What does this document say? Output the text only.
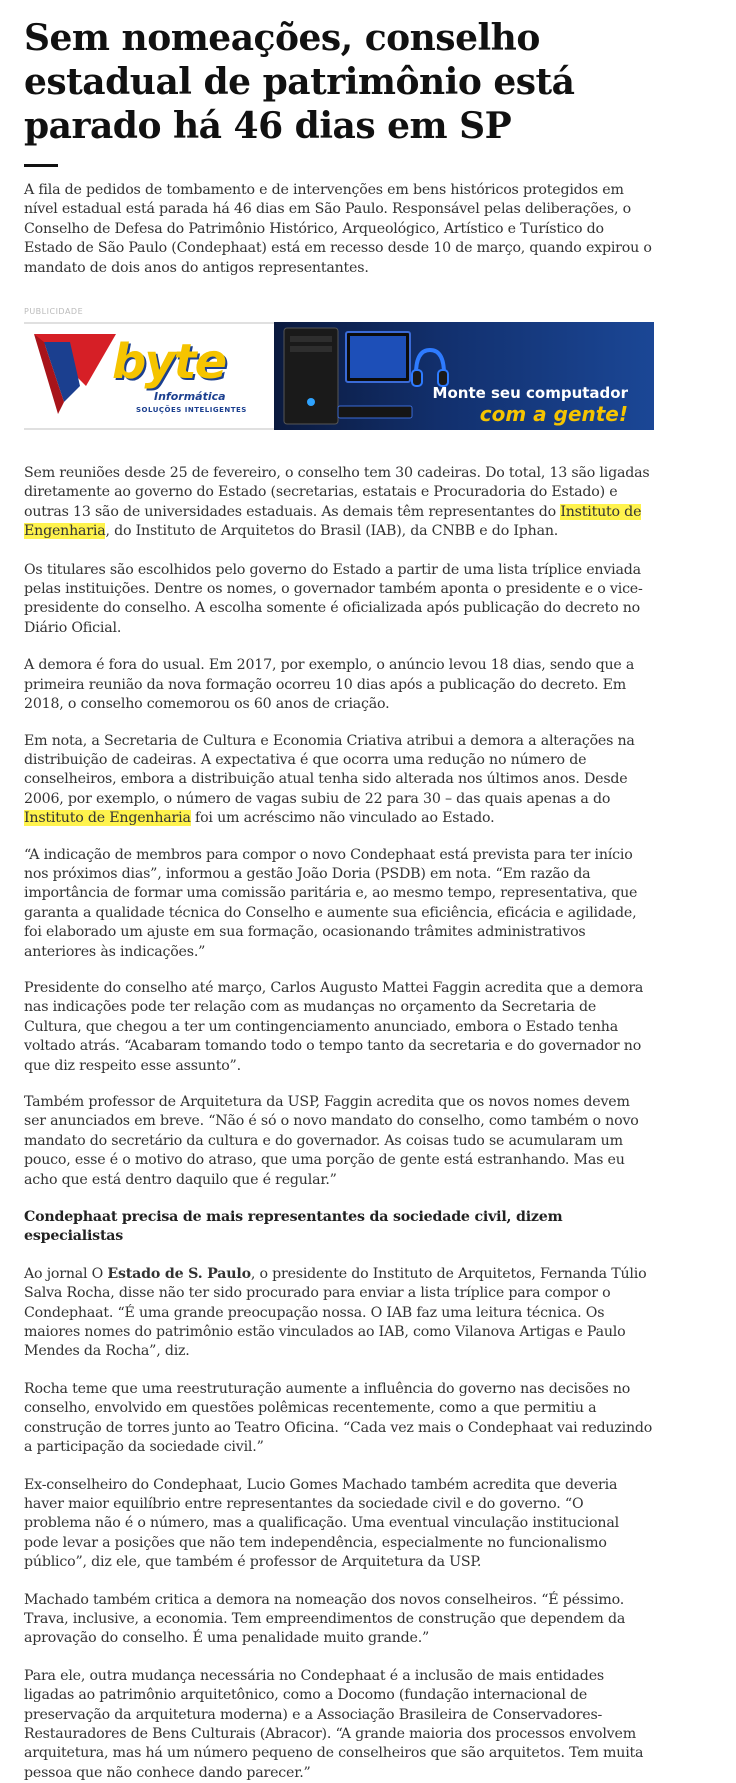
Sem nomeações, conselho estadual de patrimônio está parado há 46 dias em SP

A fila de pedidos de tombamento e de intervenções em bens históricos protegidos em nível estadual está parada há 46 dias em São Paulo. Responsável pelas deliberações, o Conselho de Defesa do Patrimônio Histórico, Arqueológico, Artístico e Turístico do Estado de São Paulo (Condephaat) está em recesso desde 10 de março, quando expirou o mandato de dois anos do antigos representantes.

PUBLICIDADE
byte
Informática
SOLUÇÕES INTELIGENTES
Monte seu computador
com a gente!

Sem reuniões desde 25 de fevereiro, o conselho tem 30 cadeiras. Do total, 13 são ligadas diretamente ao governo do Estado (secretarias, estatais e Procuradoria do Estado) e outras 13 são de universidades estaduais. As demais têm representantes do Instituto de Engenharia, do Instituto de Arquitetos do Brasil (IAB), da CNBB e do Iphan.

Os titulares são escolhidos pelo governo do Estado a partir de uma lista tríplice enviada pelas instituições. Dentre os nomes, o governador também aponta o presidente e o vice-presidente do conselho. A escolha somente é oficializada após publicação do decreto no Diário Oficial.

A demora é fora do usual. Em 2017, por exemplo, o anúncio levou 18 dias, sendo que a primeira reunião da nova formação ocorreu 10 dias após a publicação do decreto. Em 2018, o conselho comemorou os 60 anos de criação.

Em nota, a Secretaria de Cultura e Economia Criativa atribui a demora a alterações na distribuição de cadeiras. A expectativa é que ocorra uma redução no número de conselheiros, embora a distribuição atual tenha sido alterada nos últimos anos. Desde 2006, por exemplo, o número de vagas subiu de 22 para 30 – das quais apenas a do Instituto de Engenharia foi um acréscimo não vinculado ao Estado.

“A indicação de membros para compor o novo Condephaat está prevista para ter início nos próximos dias”, informou a gestão João Doria (PSDB) em nota. “Em razão da importância de formar uma comissão paritária e, ao mesmo tempo, representativa, que garanta a qualidade técnica do Conselho e aumente sua eficiência, eficácia e agilidade, foi elaborado um ajuste em sua formação, ocasionando trâmites administrativos anteriores às indicações.”

Presidente do conselho até março, Carlos Augusto Mattei Faggin acredita que a demora nas indicações pode ter relação com as mudanças no orçamento da Secretaria de Cultura, que chegou a ter um contingenciamento anunciado, embora o Estado tenha voltado atrás. “Acabaram tomando todo o tempo tanto da secretaria e do governador no que diz respeito esse assunto”.

Também professor de Arquitetura da USP, Faggin acredita que os novos nomes devem ser anunciados em breve. “Não é só o novo mandato do conselho, como também o novo mandato do secretário da cultura e do governador. As coisas tudo se acumularam um pouco, esse é o motivo do atraso, que uma porção de gente está estranhando. Mas eu acho que está dentro daquilo que é regular.”

Condephaat precisa de mais representantes da sociedade civil, dizem especialistas

Ao jornal O Estado de S. Paulo, o presidente do Instituto de Arquitetos, Fernanda Túlio Salva Rocha, disse não ter sido procurado para enviar a lista tríplice para compor o Condephaat. “É uma grande preocupação nossa. O IAB faz uma leitura técnica. Os maiores nomes do patrimônio estão vinculados ao IAB, como Vilanova Artigas e Paulo Mendes da Rocha”, diz.

Rocha teme que uma reestruturação aumente a influência do governo nas decisões no conselho, envolvido em questões polêmicas recentemente, como a que permitiu a construção de torres junto ao Teatro Oficina. “Cada vez mais o Condephaat vai reduzindo a participação da sociedade civil.”

Ex-conselheiro do Condephaat, Lucio Gomes Machado também acredita que deveria haver maior equilíbrio entre representantes da sociedade civil e do governo. “O problema não é o número, mas a qualificação. Uma eventual vinculação institucional pode levar a posições que não tem independência, especialmente no funcionalismo público”, diz ele, que também é professor de Arquitetura da USP.

Machado também critica a demora na nomeação dos novos conselheiros. “É péssimo. Trava, inclusive, a economia. Tem empreendimentos de construção que dependem da aprovação do conselho. É uma penalidade muito grande.”

Para ele, outra mudança necessária no Condephaat é a inclusão de mais entidades ligadas ao patrimônio arquitetônico, como a Docomo (fundação internacional de preservação da arquitetura moderna) e a Associação Brasileira de Conservadores-Restauradores de Bens Culturais (Abracor). “A grande maioria dos processos envolvem arquitetura, mas há um número pequeno de conselheiros que são arquitetos. Tem muita pessoa que não conhece dando parecer.”
